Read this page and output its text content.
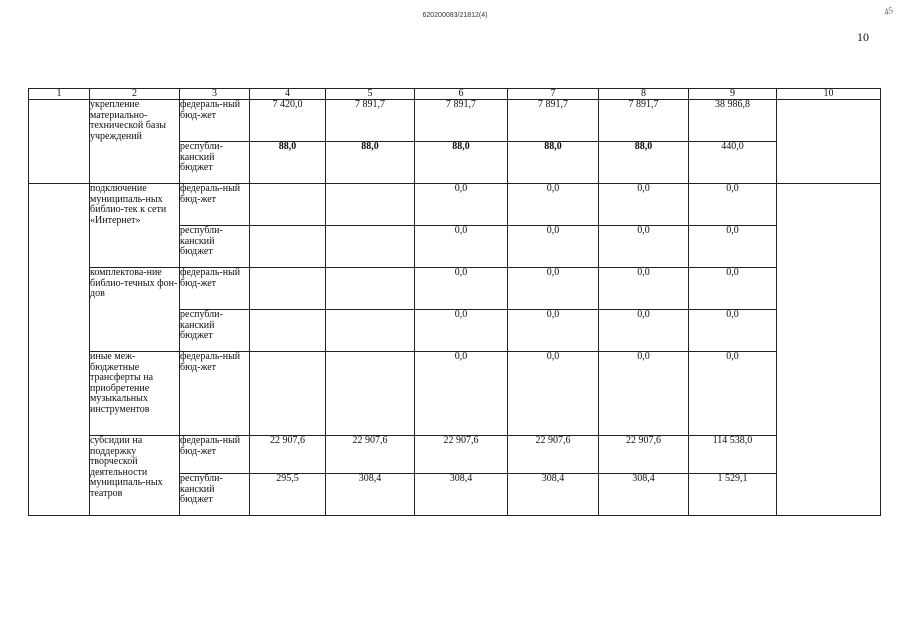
620200083/21812(4)
10
45
1	2	3	4	5	6	7	8	9	10
	укрепление материально-технической базы учреждений	федераль-ный бюд-жет	7 420,0	7 891,7	7 891,7	7 891,7	7 891,7	38 986,8	
		республи-канский бюджет	88,0	88,0	88,0	88,0	88,0	440,0	
	подключение муниципаль-ных библио-тек к сети «Интернет»	федераль-ный бюд-жет			0,0	0,0	0,0	0,0	
		республи-канский бюджет			0,0	0,0	0,0	0,0	
	комплектова-ние библио-течных фон-дов	федераль-ный бюд-жет			0,0	0,0	0,0	0,0	
		республи-канский бюджет			0,0	0,0	0,0	0,0	
	иные меж-бюджетные трансферты на приобретение музыкальных инструментов	федераль-ный бюд-жет			0,0	0,0	0,0	0,0	
	субсидии на поддержку творческой деятельности муниципаль-ных театров	федераль-ный бюд-жет	22 907,6	22 907,6	22 907,6	22 907,6	22 907,6	114 538,0	
		республи-канский бюджет	295,5	308,4	308,4	308,4	308,4	1 529,1	
